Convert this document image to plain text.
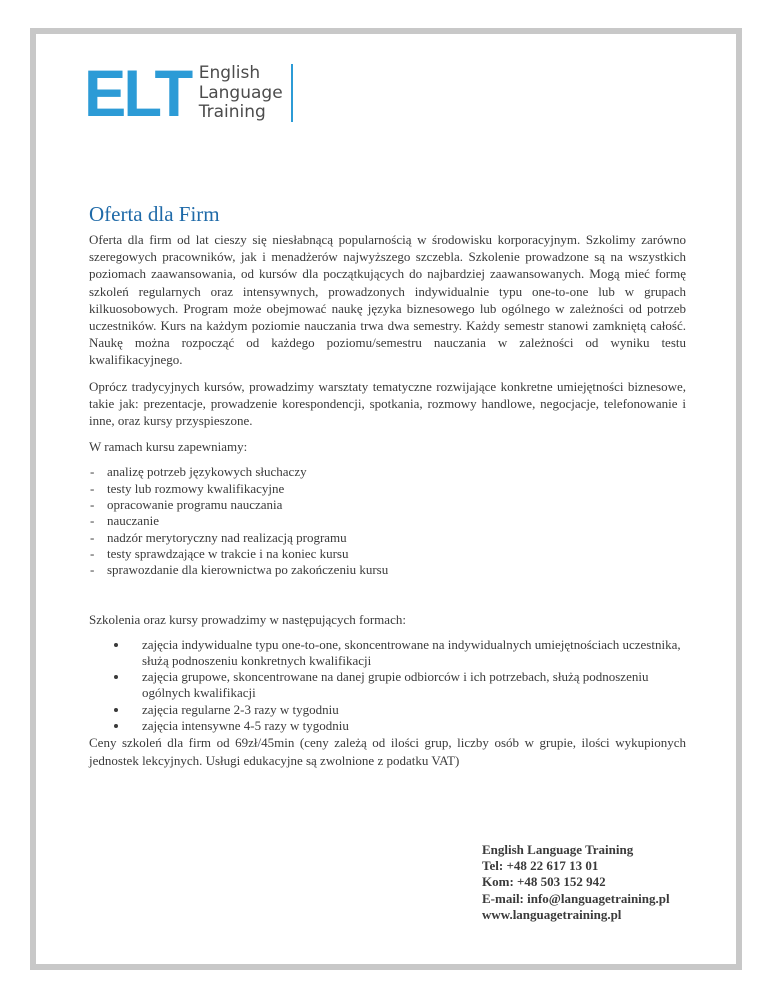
ELT English
Language
Training
Oferta dla Firm

Oferta dla firm od lat cieszy się niesłabnącą popularnością w środowisku korporacyjnym. Szkolimy zarówno szeregowych pracowników, jak i menadżerów najwyższego szczebla. Szkolenie prowadzone są na wszystkich poziomach zaawansowania, od kursów dla początkujących do najbardziej zaawansowanych. Mogą mieć formę szkoleń regularnych oraz intensywnych, prowadzonych indywidualnie typu one-to-one lub w grupach kilkuosobowych. Program może obejmować naukę języka biznesowego lub ogólnego w zależności od potrzeb uczestników. Kurs na każdym poziomie nauczania trwa dwa semestry. Każdy semestr stanowi zamkniętą całość. Naukę można rozpocząć od każdego poziomu/semestru nauczania w zależności od wyniku testu kwalifikacyjnego.

Oprócz tradycyjnych kursów, prowadzimy warsztaty tematyczne rozwijające konkretne umiejętności biznesowe, takie jak: prezentacje, prowadzenie korespondencji, spotkania, rozmowy handlowe, negocjacje, telefonowanie i inne, oraz kursy przyspieszone.

W ramach kursu zapewniamy:

- analizę potrzeb językowych słuchaczy
- testy lub rozmowy kwalifikacyjne
- opracowanie programu nauczania
- nauczanie
- nadzór merytoryczny nad realizacją programu
- testy sprawdzające w trakcie i na koniec kursu
- sprawozdanie dla kierownictwa po zakończeniu kursu

Szkolenia oraz kursy prowadzimy w następujących formach:

zajęcia indywidualne typu one-to-one, skoncentrowane na indywidualnych umiejętnościach uczestnika, służą podnoszeniu konkretnych kwalifikacji
zajęcia grupowe, skoncentrowane na danej grupie odbiorców i ich potrzebach, służą podnoszeniu ogólnych kwalifikacji
zajęcia regularne 2-3 razy w tygodniu
zajęcia intensywne 4-5 razy w tygodniu

Ceny szkoleń dla firm od 69zł/45min (ceny zależą od ilości grup, liczby osób w grupie, ilości wykupionych jednostek lekcyjnych. Usługi edukacyjne są zwolnione z podatku VAT)

English Language Training
Tel: +48 22 617 13 01
Kom: +48 503 152 942
E-mail: info@languagetraining.pl
www.languagetraining.pl
